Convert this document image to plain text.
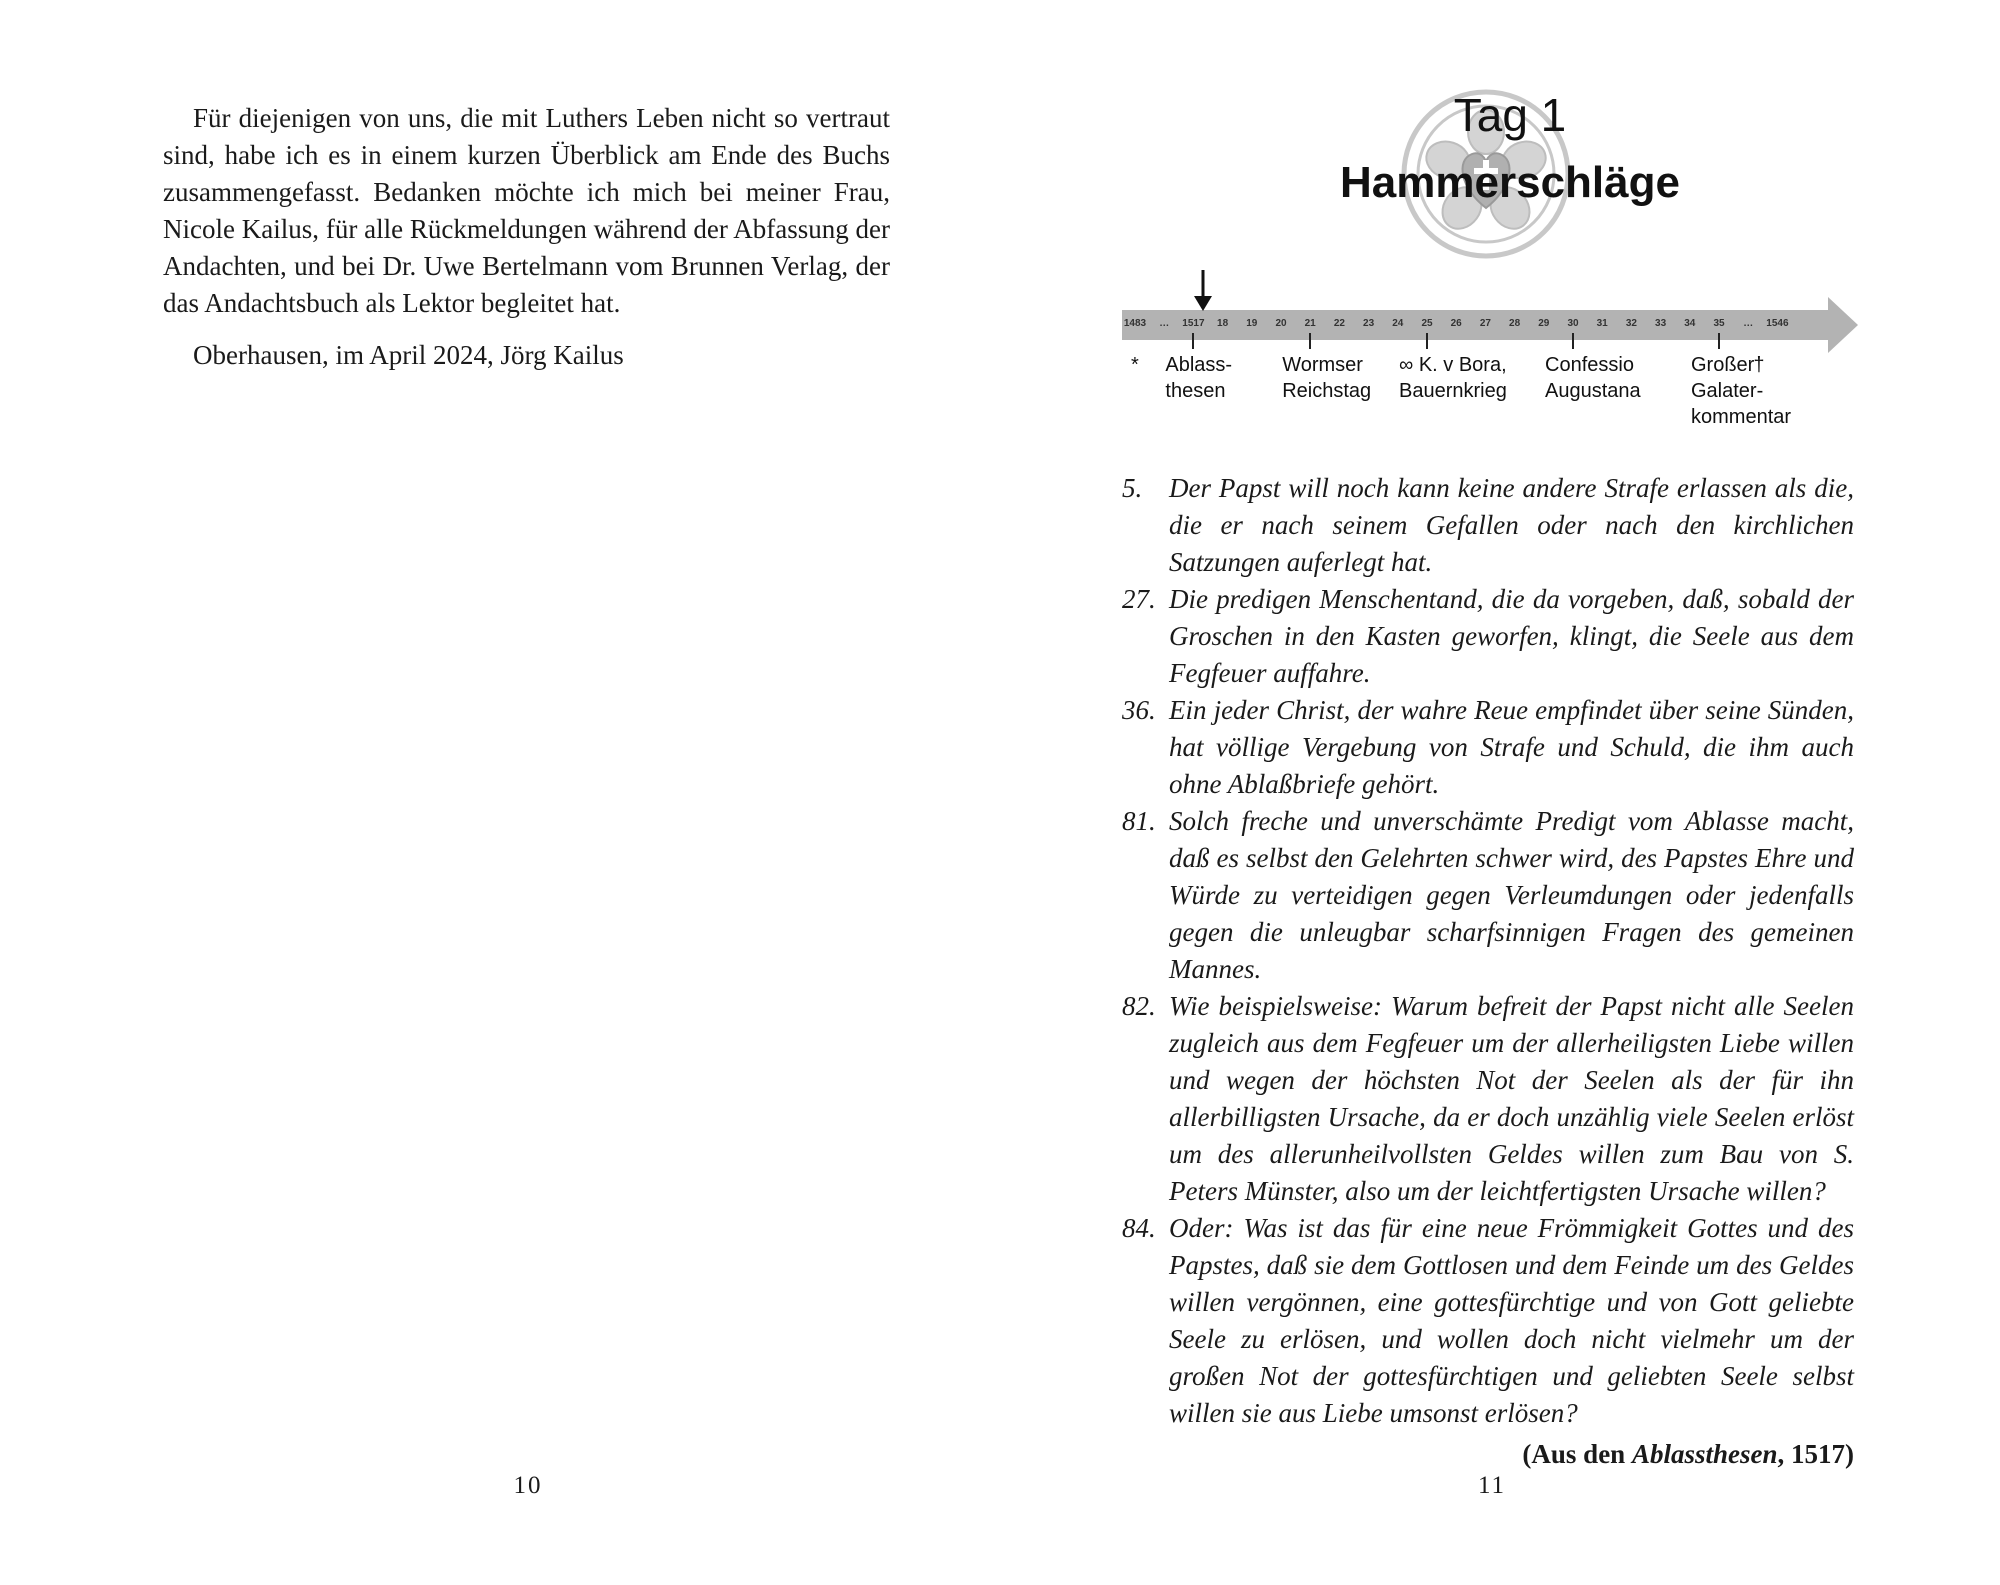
Für diejenigen von uns, die mit Luthers Leben nicht so vertraut sind, habe ich es in einem kurzen Überblick am Ende des Buchs zusammengefasst. Bedanken möchte ich mich bei meiner Frau, Nicole Kailus, für alle Rückmeldungen während der Abfassung der Andachten, und bei Dr. Uwe Bertelmann vom Brunnen Verlag, der das Andachtsbuch als Lektor begleitet hat.

Oberhausen, im April 2024, Jörg Kailus

10
Tag 1
Hammerschläge
1483 … 1517 18 19 20 21 22 23 24 25 26 27 28 29 30 31 32 33 34 35 … 1546
* Ablass-
thesen
Wormser
Reichstag
∞ K. v Bora,
Bauernkrieg
Confessio
Augustana
Großer
Galater-
kommentar
†
5. Der Papst will noch kann keine andere Strafe erlassen als die, die er nach seinem Gefallen oder nach den kirchlichen Satzungen auferlegt hat.
27. Die predigen Menschentand, die da vorgeben, daß, sobald der Groschen in den Kasten geworfen, klingt, die Seele aus dem Fegfeuer auffahre.
36. Ein jeder Christ, der wahre Reue empfindet über seine Sünden, hat völlige Vergebung von Strafe und Schuld, die ihm auch ohne Ablaßbriefe gehört.
81. Solch freche und unverschämte Predigt vom Ablasse macht, daß es selbst den Gelehrten schwer wird, des Papstes Ehre und Würde zu verteidigen gegen Verleumdungen oder jedenfalls gegen die unleugbar scharfsinnigen Fragen des gemeinen Mannes.
82. Wie beispielsweise: Warum befreit der Papst nicht alle Seelen zugleich aus dem Fegfeuer um der allerheiligsten Liebe willen und wegen der höchsten Not der Seelen als der für ihn allerbilligsten Ursache, da er doch unzählig viele Seelen erlöst um des allerunheilvollsten Geldes willen zum Bau von S. Peters Münster, also um der leichtfertigsten Ursache willen?
84. Oder: Was ist das für eine neue Frömmigkeit Gottes und des Papstes, daß sie dem Gottlosen und dem Feinde um des Geldes willen vergönnen, eine gottesfürchtige und von Gott geliebte Seele zu erlösen, und wollen doch nicht vielmehr um der großen Not der gottesfürchtigen und geliebten Seele selbst willen sie aus Liebe umsonst erlösen?
(Aus den Ablassthesen, 1517)
11
